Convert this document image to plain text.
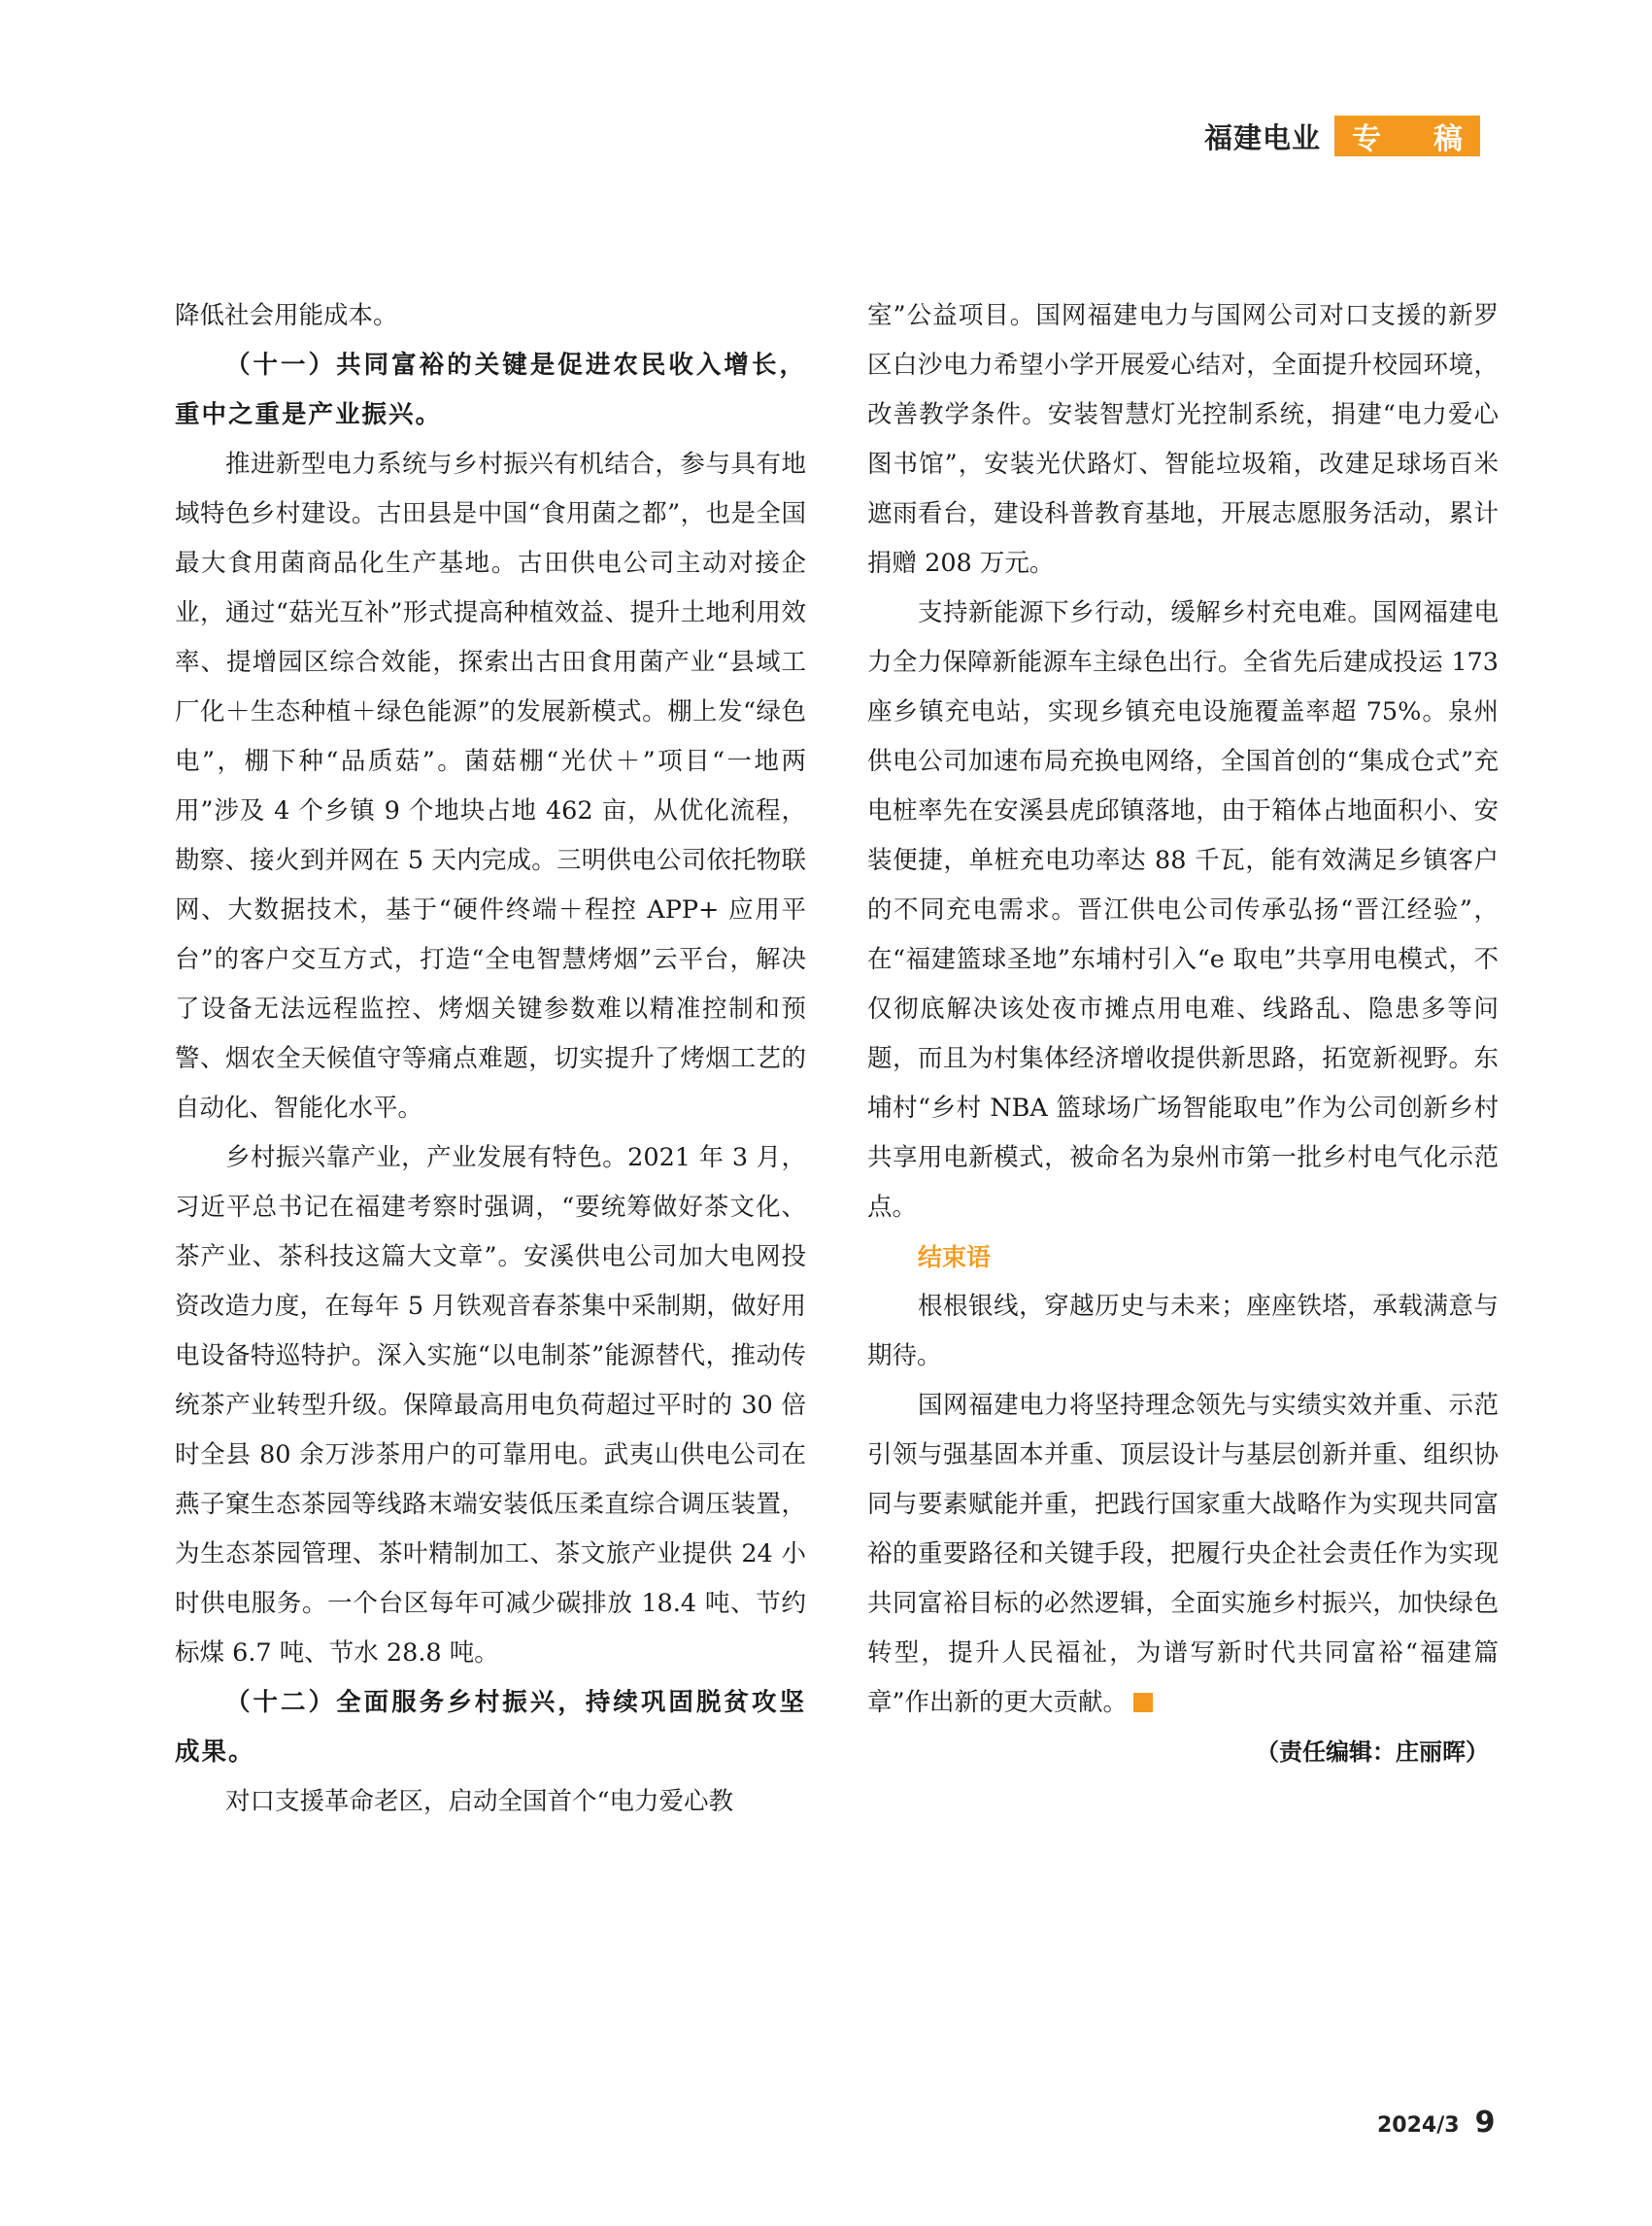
福建电业 专 稿

降低社会用能成本。

（十一）共同富裕的关键是促进农民收入增长，重中之重是产业振兴。

推进新型电力系统与乡村振兴有机结合，参与具有地域特色乡村建设。古田县是中国“食用菌之都”，也是全国最大食用菌商品化生产基地。古田供电公司主动对接企业，通过“菇光互补”形式提高种植效益、提升土地利用效率、提增园区综合效能，探索出古田食用菌产业“县域工厂化＋生态种植＋绿色能源”的发展新模式。棚上发“绿色电”，棚下种“品质菇”。菌菇棚“光伏＋”项目“一地两用”涉及 4 个乡镇 9 个地块占地 462 亩，从优化流程，勘察、接火到并网在 5 天内完成。三明供电公司依托物联网、大数据技术，基于“硬件终端＋程控 APP+ 应用平台”的客户交互方式，打造“全电智慧烤烟”云平台，解决了设备无法远程监控、烤烟关键参数难以精准控制和预警、烟农全天候值守等痛点难题，切实提升了烤烟工艺的自动化、智能化水平。

乡村振兴靠产业，产业发展有特色。2021 年 3 月，习近平总书记在福建考察时强调，“要统筹做好茶文化、茶产业、茶科技这篇大文章”。安溪供电公司加大电网投资改造力度，在每年 5 月铁观音春茶集中采制期，做好用电设备特巡特护。深入实施“以电制茶”能源替代，推动传统茶产业转型升级。保障最高用电负荷超过平时的 30 倍时全县 80 余万涉茶用户的可靠用电。武夷山供电公司在燕子窠生态茶园等线路末端安装低压柔直综合调压装置，为生态茶园管理、茶叶精制加工、茶文旅产业提供 24 小时供电服务。一个台区每年可减少碳排放 18.4 吨、节约标煤 6.7 吨、节水 28.8 吨。

（十二）全面服务乡村振兴，持续巩固脱贫攻坚成果。

对口支援革命老区，启动全国首个“电力爱心教

室”公益项目。国网福建电力与国网公司对口支援的新罗区白沙电力希望小学开展爱心结对，全面提升校园环境，改善教学条件。安装智慧灯光控制系统，捐建“电力爱心图书馆”，安装光伏路灯、智能垃圾箱，改建足球场百米遮雨看台，建设科普教育基地，开展志愿服务活动，累计捐赠 208 万元。

支持新能源下乡行动，缓解乡村充电难。国网福建电力全力保障新能源车主绿色出行。全省先后建成投运 173 座乡镇充电站，实现乡镇充电设施覆盖率超 75%。泉州供电公司加速布局充换电网络，全国首创的“集成仓式”充电桩率先在安溪县虎邱镇落地，由于箱体占地面积小、安装便捷，单桩充电功率达 88 千瓦，能有效满足乡镇客户的不同充电需求。晋江供电公司传承弘扬“晋江经验”，在“福建篮球圣地”东埔村引入“e 取电”共享用电模式，不仅彻底解决该处夜市摊点用电难、线路乱、隐患多等问题，而且为村集体经济增收提供新思路，拓宽新视野。东埔村“乡村 NBA 篮球场广场智能取电”作为公司创新乡村共享用电新模式，被命名为泉州市第一批乡村电气化示范点。

结束语

根根银线，穿越历史与未来；座座铁塔，承载满意与期待。

国网福建电力将坚持理念领先与实绩实效并重、示范引领与强基固本并重、顶层设计与基层创新并重、组织协同与要素赋能并重，把践行国家重大战略作为实现共同富裕的重要路径和关键手段，把履行央企社会责任作为实现共同富裕目标的必然逻辑，全面实施乡村振兴，加快绿色转型，提升人民福祉，为谱写新时代共同富裕“福建篇章”作出新的更大贡献。

（责任编辑：庄丽晖）

2024/3 9
